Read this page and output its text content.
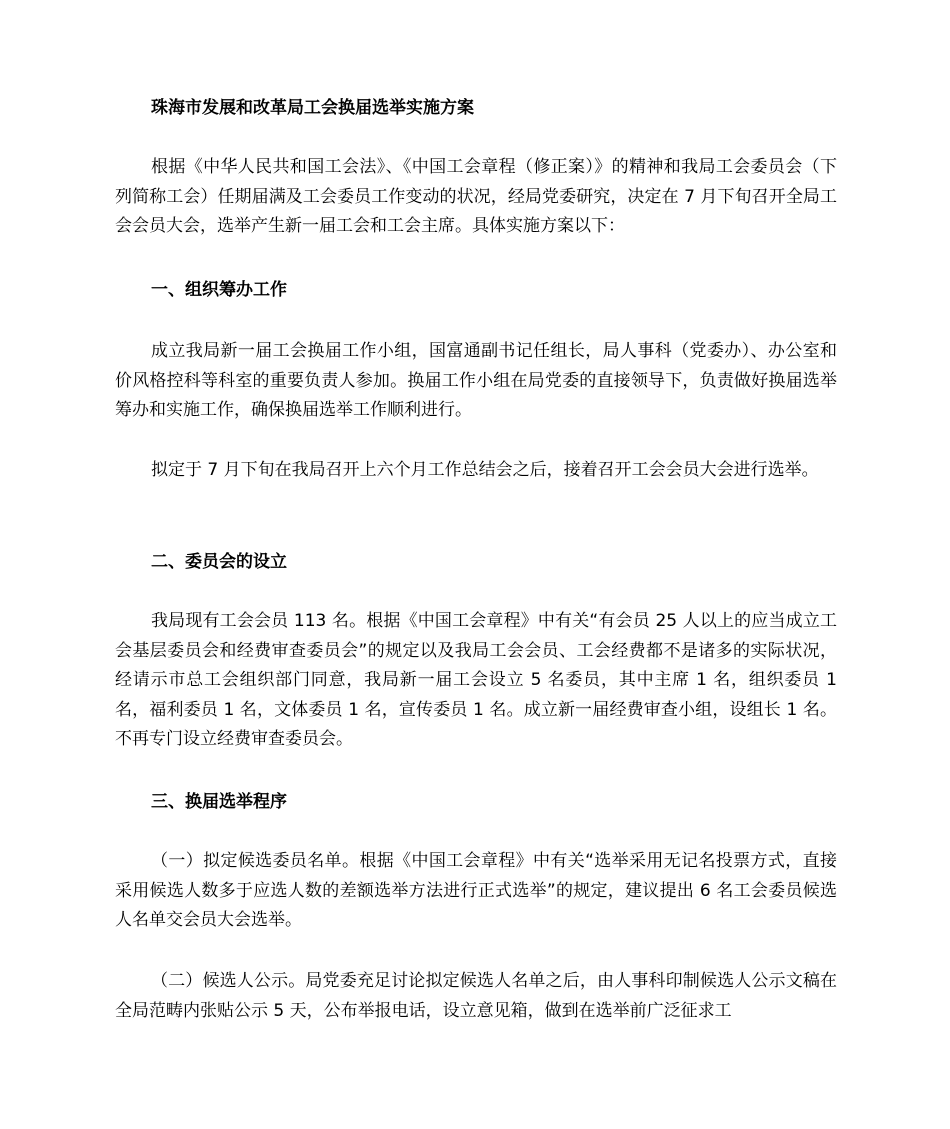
珠海市发展和改革局工会换届选举实施方案

根据《中华人民共和国工会法》、《中国工会章程（修正案）》的精神和我局工会委员会（下列简称工会）任期届满及工会委员工作变动的状况，经局党委研究，决定在 7 月下旬召开全局工会会员大会，选举产生新一届工会和工会主席。具体实施方案以下：

一、组织筹办工作

成立我局新一届工会换届工作小组，国富通副书记任组长，局人事科（党委办）、办公室和价风格控科等科室的重要负责人参加。换届工作小组在局党委的直接领导下，负责做好换届选举筹办和实施工作，确保换届选举工作顺利进行。

拟定于 7 月下旬在我局召开上六个月工作总结会之后，接着召开工会会员大会进行选举。

二、委员会的设立

我局现有工会会员 113 名。根据《中国工会章程》中有关“有会员 25 人以上的应当成立工会基层委员会和经费审查委员会”的规定以及我局工会会员、工会经费都不是诸多的实际状况，经请示市总工会组织部门同意，我局新一届工会设立 5 名委员，其中主席 1 名，组织委员 1 名，福利委员 1 名，文体委员 1 名，宣传委员 1 名。成立新一届经费审查小组，设组长 1 名。不再专门设立经费审查委员会。

三、换届选举程序

（一）拟定候选委员名单。根据《中国工会章程》中有关“选举采用无记名投票方式，直接采用候选人数多于应选人数的差额选举方法进行正式选举”的规定，建议提出 6 名工会委员候选人名单交会员大会选举。

（二）候选人公示。局党委充足讨论拟定候选人名单之后，由人事科印制候选人公示文稿在全局范畴内张贴公示 5 天，公布举报电话，设立意见箱，做到在选举前广泛征求工
